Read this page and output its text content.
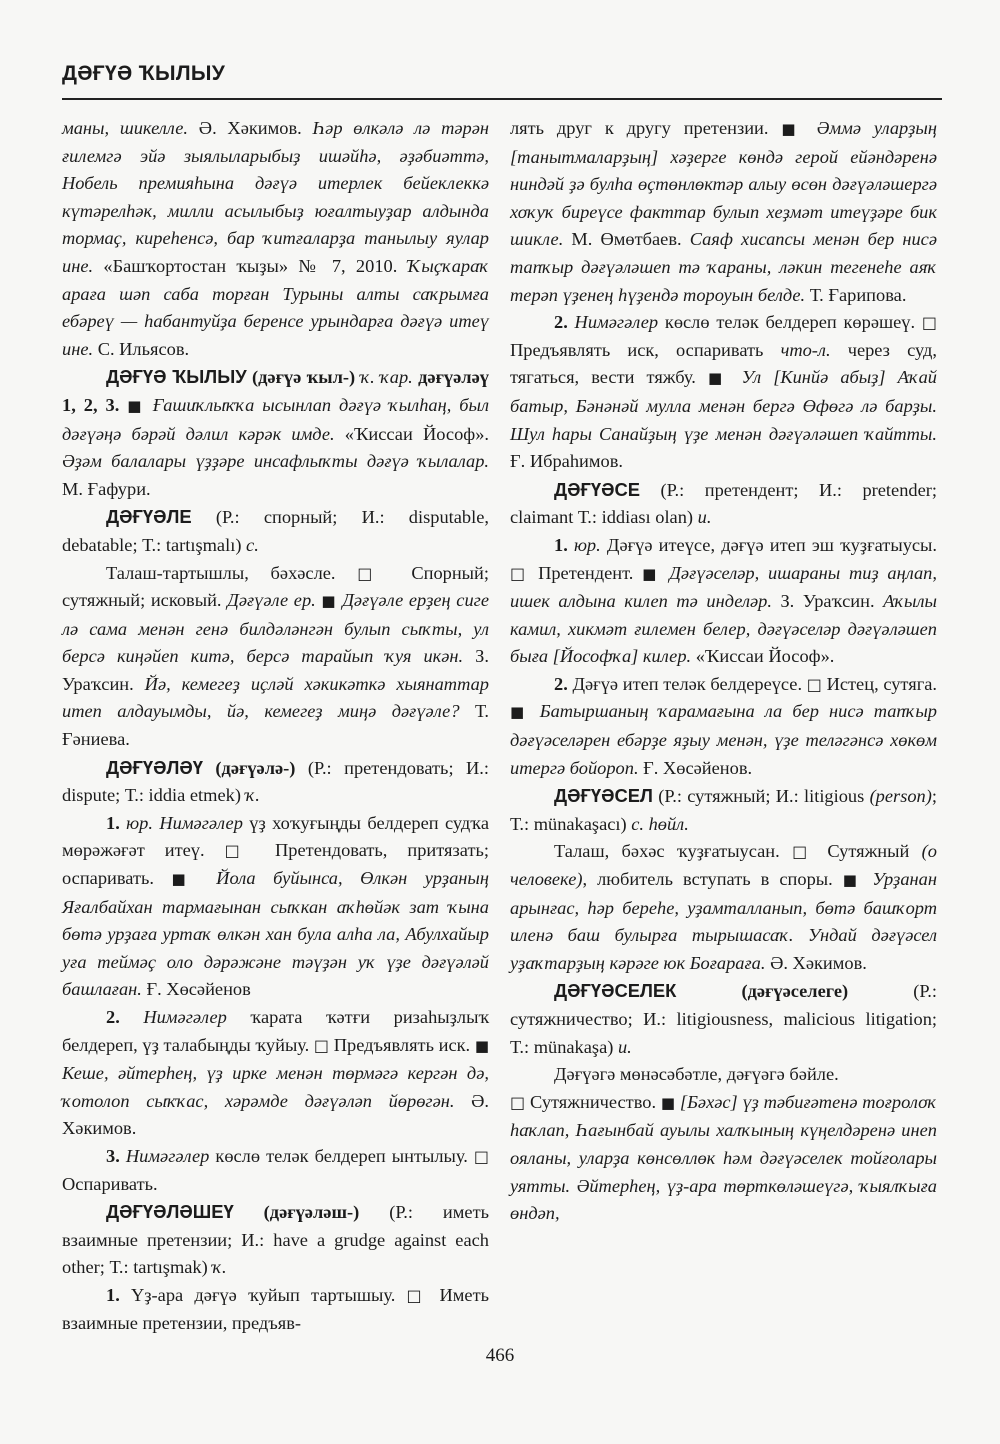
ДӘҒҮӘ ҠЫЛЫУ

маны, шикелле. Ә. Хәкимов. Һәр өлкәлә лә тәрән ғилемгә эйә зыялыларыбыҙ ишәйһә, әҙәбиәттә, Нобель премияһына дәғүә итерлек бейеклеккә күтәрелһәк, милли асылыбыҙ юғалтыуҙар алдында тормаҫ, киреһенсә, бар ҡитғаларҙа танылыу яулар ине. «Башҡортостан ҡыҙы» № 7, 2010. Ҡыҫҡараҡ араға шәп саба торған Турыны алты саҡрымға ебәреү — һабантуйҙа беренсе урындарға дәғүә итеү ине. С. Ильясов.

ДӘҒҮӘ ҠЫЛЫУ (дәғүә ҡыл-) ҡ. ҡар. дәғүәләү 1, 2, 3. ■ Ғашиҡлыҡҡа ысынлап дәғүә ҡылһаң, был дәғүәңә бәрәй дәлил кәрәк имде. «Ҡиссаи Йософ». Әҙәм балалары үҙҙәре инсафлыҡты дәғүә ҡылалар. М. Ғафури.

ДӘҒҮӘЛЕ (Р.: спорный; И.: disputable, debatable; Т.: tartışmalı) с.

Талаш-тартышлы, бәхәсле. □ Спорный; сутяжный; исковый. Дәғүәле ер. ■ Дәғүәле ерҙең сиге лә сама менән генә билдәләнгән булып сыҡты, ул берсә киңәйеп китә, берсә тарайып ҡуя икән. З. Ураҡсин. Йә, кемегеҙ иҫләй хәкикәткә хыянаттар итеп алдауымды, йә, кемегеҙ миңә дәғүәле? Т. Ғәниева.

ДӘҒҮӘЛӘҮ (дәғүәлә-) (Р.: претендовать; И.: dispute; Т.: iddia etmek) ҡ.

1. юр. Нимәгәлер үҙ хоҡуғыңды белдереп судҡа мөрәжәғәт итеү. □ Претендовать, притязать; оспаривать. ■ Йола буйынса, Өлкән урҙаның Яғалбайхан тармағынан сыҡкан аҡһөйәк зат ҡына бөтә урҙаға уртаҡ өлкән хан була алһа ла, Абулхайыр уға теймәҫ оло дәрәжәне тәүҙән уҡ үҙе дәғүәләй башлаған. Ғ. Хөсәйенов

2. Нимәгәлер ҡарата ҡәтғи ризаһыҙлыҡ белдереп, үҙ талабыңды ҡуйыу. □ Предъявлять иск. ■ Кеше, әйтерһең, үҙ ирке менән төрмәгә кергән дә, ҡотолоп сыҡҡас, хәрәмде дәғүәләп йөрөгән. Ә. Хәкимов.

3. Нимәгәлер көслө теләк белдереп ынтылыу. □ Оспаривать.

ДӘҒҮӘЛӘШЕҮ (дәғүәләш-) (Р.: иметь взаимные претензии; И.: have a grudge against each other; Т.: tartışmak) ҡ.

1. Үҙ-ара дәғүә ҡуйып тартышыу. □ Иметь взаимные претензии, предъяв-

лять друг к другу претензии. ■ Әммә уларҙың [танытмаларҙың] хәҙерге көндә герой ейәндәренә ниндәй ҙә булһа өҫтөнлөктәр алыу өсөн дәғүәләшергә хоҡуҡ биреүсе факттар булып хеҙмәт итеүҙәре бик шикле. М. Өмөтбаев. Саяф хисапсы менән бер нисә тапҡыр дәғүәләшеп тә ҡараны, ләкин тегенеһе аяҡ терәп үҙенең һүҙендә тороуын белде. Т. Ғарипова.

2. Нимәгәлер көслө теләк белдереп көрәшеү. □ Предъявлять иск, оспаривать что-л. через суд, тягаться, вести тяжбу. ■ Ул [Кинйә абыҙ] Аҡай батыр, Бәнәнәй мулла менән бергә Өфөгә лә барҙы. Шул һары Санайҙың үҙе менән дәғүәләшеп ҡайтты. Ғ. Ибраһимов.

ДӘҒҮӘСЕ (Р.: претендент; И.: pretender; claimant Т.: iddiası olan) и.

1. юр. Дәғүә итеүсе, дәғүә итеп эш ҡуҙғатыусы. □ Претендент. ■ Дәғүәселәр, ишараны тиҙ аңлап, ишек алдына килеп тә инделәр. З. Ураҡсин. Аҡылы камил, хикмәт ғилемен белер, дәғүәселәр дәғүәләшеп быға [Йософҡа] килер. «Ҡиссаи Йософ».

2. Дәғүә итеп теләк белдереүсе. □ Истец, сутяга. ■ Батыршаның ҡарамағына ла бер нисә тапҡыр дәғүәселәрен ебәрҙе яҙыу менән, үҙе теләгәнсә хөкөм итергә бойороп. Ғ. Хөсәйенов.

ДӘҒҮӘСЕЛ (Р.: сутяжный; И.: litigious (person); Т.: münakaşacı) с. һөйл.

Талаш, бәхәс ҡуҙғатыусан. □ Сутяжный (о человеке), любитель вступать в споры. ■ Урҙанан арынғас, һәр береһе, уҙамталланып, бөтә башҡорт иленә баш булырға тырышасаҡ. Ундай дәғүәсел уҙаҡтарҙың кәрәге юк Боғараға. Ә. Хәкимов.

ДӘҒҮӘСЕЛЕК (дәғүәселеге) (Р.: сутяжничество; И.: litigiousness, malicious litigation; Т.: münakaşa) и.

Дәғүәгә мөнәсәбәтле, дәғүәгә бәйле.

□ Сутяжничество. ■ [Бәхәс] үҙ тәбиғәтенә тоғролоҡ һаҡлап, Һағынбай ауылы халҡының күңелдәренә инеп ояланы, уларҙа көнсөллөк һәм дәғүәселек тойғолары уятты. Әйтерһең, үҙ-ара төрткөләшеүгә, ҡыялҡыға өндәп,

466
